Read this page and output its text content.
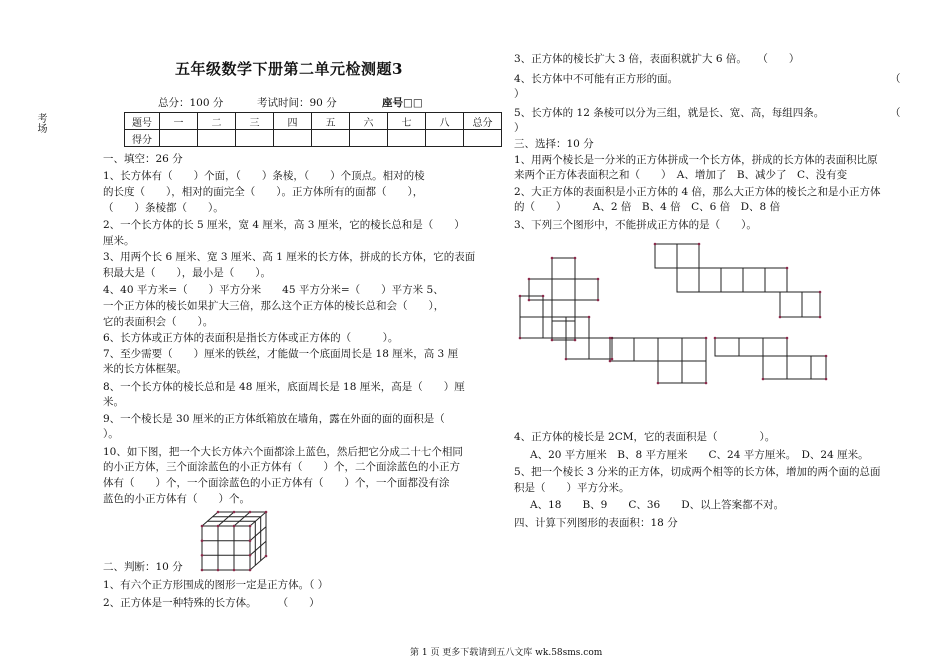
五年级数学下册第二单元检测题3
考场
总分：100 分	考试时间：90 分	座号□□
题号	一	二	三	四	五	六	七	八	总分
得分									
一、填空：26 分
1、长方体有（　　）个面，（　　）条棱，（　　）个顶点。相对的棱
的长度（　　），相对的面完全（　　）。正方体所有的面都（　　），
（　　）条棱都（　　）。
2、一个长方体的长 5 厘米，宽 4 厘米，高 3 厘米，它的棱长总和是（　　）
厘米。
3、用两个长 6 厘米、宽 3 厘米、高 1 厘米的长方体，拼成的长方体，它的表面
积最大是（　　），最小是（　　）。
4、40 平方米=（　　）平方分米　　45 平方分米=（　　）平方米 5、
一个正方体的棱长如果扩大三倍，那么这个正方体的棱长总和会（　　），
它的表面积会（　　）。
6、长方体或正方体的表面积是指长方体或正方体的（　　　）。
7、至少需要（　　）厘米的铁丝，才能做一个底面周长是 18 厘米，高 3 厘
米的长方体框架。
8、一个长方体的棱长总和是 48 厘米，底面周长是 18 厘米，高是（　　）厘
米。
9、一个棱长是 30 厘米的正方体纸箱放在墙角，露在外面的面的面积是（
）。
10、如下图，把一个大长方体六个面都涂上蓝色，然后把它分成二十七个相同
的小正方体，三个面涂蓝色的小正方体有（　　）个，二个面涂蓝色的小正方
体有（　　）个，一个面涂蓝色的小正方体有（　　）个，一个面都没有涂
蓝色的小正方体有（　　）个。
二、判断：10 分
1、有六个正方形围成的图形一定是正方体。（ ）
2、正方体是一种特殊的长方体。　　　（　　）
3、正方体的棱长扩大 3 倍，表面积就扩大 6 倍。　　（　　）
4、长方体中不可能有正方形的面。	（
）
5、长方体的 12 条棱可以分为三组，就是长、宽、高，每组四条。	（
）
三、选择：10 分
1、用两个棱长是一分米的正方体拼成一个长方体，拼成的长方体的表面积比原
来两个正方体表面积之和（　　）　A、增加了　B、减少了　C、没有变
2、大正方体的表面积是小正方体的 4 倍，那么大正方体的棱长之和是小正方体
的（　　）　　　A、2 倍　B、4 倍　C、6 倍　D、8 倍
3、下列三个图形中，不能拼成正方体的是（　　）。
4、正方体的棱长是 2CM，它的表面积是（　　　　）。
A、20 平方厘米　B、8 平方厘米　　C、24 平方厘米。　D、24 厘米。
5、把一个棱长 3 分米的正方体，切成两个相等的长方体，增加的两个面的总面
积是（　　）平方分米。
A、18　　B、9　　C、36　　D、以上答案都不对。
四、计算下列图形的表面积：18 分
第 1 页 更多下载请到五八文库 wk.58sms.com
